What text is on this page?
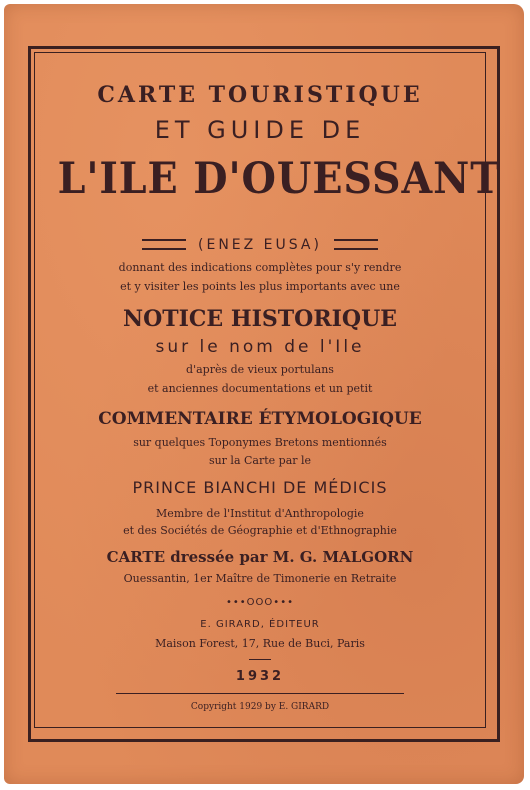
CARTE TOURISTIQUE
ET GUIDE DE
L'ILE D'OUESSANT
(ENEZ EUSA)
donnant des indications complètes pour s'y rendre
et y visiter les points les plus importants avec une
NOTICE HISTORIQUE
sur le nom de l'Ile
d'après de vieux portulans
et anciennes documentations et un petit
COMMENTAIRE ÉTYMOLOGIQUE
sur quelques Toponymes Bretons mentionnés
sur la Carte par le
PRINCE BIANCHI DE MÉDICIS
Membre de l'Institut d'Anthropologie
et des Sociétés de Géographie et d'Ethnographie
CARTE dressée par M. G. MALGORN
Ouessantin, 1er Maître de Timonerie en Retraite
•••OOO•••
E. GIRARD, ÉDITEUR
Maison Forest, 17, Rue de Buci, Paris
1932
Copyright 1929 by E. GIRARD
